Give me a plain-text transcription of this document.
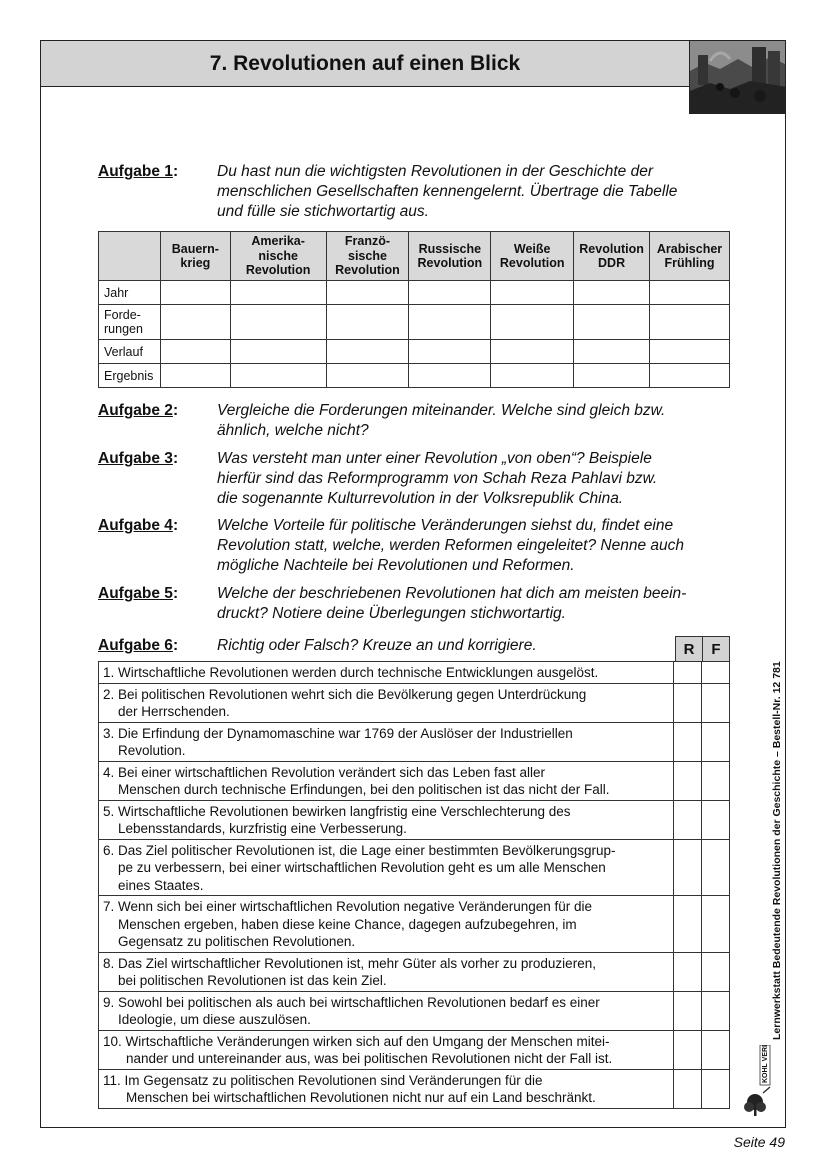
7. Revolutionen auf einen Blick
Aufgabe 1:	Du hast nun die wichtigsten Revolutionen in der Geschichte der
menschlichen Gesellschaften kennengelernt. Übertrage die Tabelle
und fülle sie stichwortartig aus.

	Bauern-
krieg	Amerika-
nische
Revolution	Franzö-
sische
Revolution	Russische
Revolution	Weiße
Revolution	Revolution
DDR	Arabischer
Frühling

Jahr							

Forde-
rungen							

Verlauf							

Ergebnis							

Aufgabe 2:	Vergleiche die Forderungen miteinander. Welche sind gleich bzw.
ähnlich, welche nicht?
Aufgabe 3:	Was versteht man unter einer Revolution „von oben“? Beispiele
hierfür sind das Reformprogramm von Schah Reza Pahlavi bzw.
die sogenannte Kulturrevolution in der Volksrepublik China.
Aufgabe 4:	Welche Vorteile für politische Veränderungen siehst du, findet eine
Revolution statt, welche, werden Reformen eingeleitet? Nenne auch
mögliche Nachteile bei Revolutionen und Reformen.
Aufgabe 5:	Welche der beschriebenen Revolutionen hat dich am meisten beein-
druckt? Notiere deine Überlegungen stichwortartig.
Aufgabe 6:	Richtig oder Falsch? Kreuze an und korrigiere.	R	F
1. Wirtschaftliche Revolutionen werden durch technische Entwicklungen ausgelöst.		

2. Bei politischen Revolutionen wehrt sich die Bevölkerung gegen Unterdrückung
der Herrschenden.		

3. Die Erfindung der Dynamomaschine war 1769 der Auslöser der Industriellen
Revolution.		

4. Bei einer wirtschaftlichen Revolution verändert sich das Leben fast aller
Menschen durch technische Erfindungen, bei den politischen ist das nicht der Fall.		

5. Wirtschaftliche Revolutionen bewirken langfristig eine Verschlechterung des
Lebensstandards, kurzfristig eine Verbesserung.		

6. Das Ziel politischer Revolutionen ist, die Lage einer bestimmten Bevölkerungsgrup-
pe zu verbessern, bei einer wirtschaftlichen Revolution geht es um alle Menschen
eines Staates.		

7. Wenn sich bei einer wirtschaftlichen Revolution negative Veränderungen für die
Menschen ergeben, haben diese keine Chance, dagegen aufzubegehren, im
Gegensatz zu politischen Revolutionen.		

8. Das Ziel wirtschaftlicher Revolutionen ist, mehr Güter als vorher zu produzieren,
bei politischen Revolutionen ist das kein Ziel.		

9. Sowohl bei politischen als auch bei wirtschaftlichen Revolutionen bedarf es einer
Ideologie, um diese auszulösen.		

10. Wirtschaftliche Veränderungen wirken sich auf den Umgang der Menschen mitei-
nander und untereinander aus, was bei politischen Revolutionen nicht der Fall ist.		

11. Im Gegensatz zu politischen Revolutionen sind Veränderungen für die
Menschen bei wirtschaftlichen Revolutionen nicht nur auf ein Land beschränkt.		

Lernwerkstatt Bedeutende Revolutionen der Geschichte – Bestell-Nr. 12 781
KOHL VERLAG
Seite 49
